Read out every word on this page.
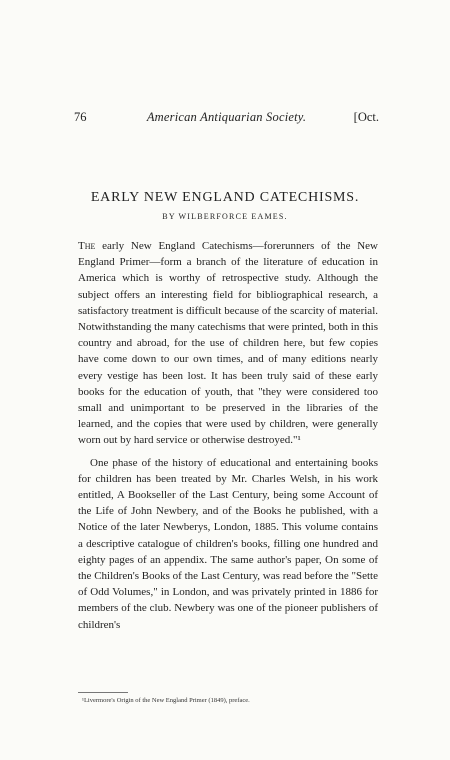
76	American Antiquarian Society.	[Oct.
EARLY NEW ENGLAND CATECHISMS.
BY WILBERFORCE EAMES.

The early New England Catechisms—forerunners of the New England Primer—form a branch of the literature of education in America which is worthy of retrospective study. Although the subject offers an interesting field for bibliographical research, a satisfactory treatment is difficult because of the scarcity of material. Notwithstanding the many catechisms that were printed, both in this country and abroad, for the use of children here, but few copies have come down to our own times, and of many editions nearly every vestige has been lost. It has been truly said of these early books for the education of youth, that "they were considered too small and unimportant to be preserved in the libraries of the learned, and the copies that were used by children, were generally worn out by hard service or otherwise destroyed."¹

One phase of the history of educational and entertaining books for children has been treated by Mr. Charles Welsh, in his work entitled, A Bookseller of the Last Century, being some Account of the Life of John Newbery, and of the Books he published, with a Notice of the later Newberys, London, 1885. This volume contains a descriptive catalogue of children's books, filling one hundred and eighty pages of an appendix. The same author's paper, On some of the Children's Books of the Last Century, was read before the "Sette of Odd Volumes," in London, and was privately printed in 1886 for members of the club. Newbery was one of the pioneer publishers of children's

¹Livermore's Origin of the New England Primer (1849), preface.
